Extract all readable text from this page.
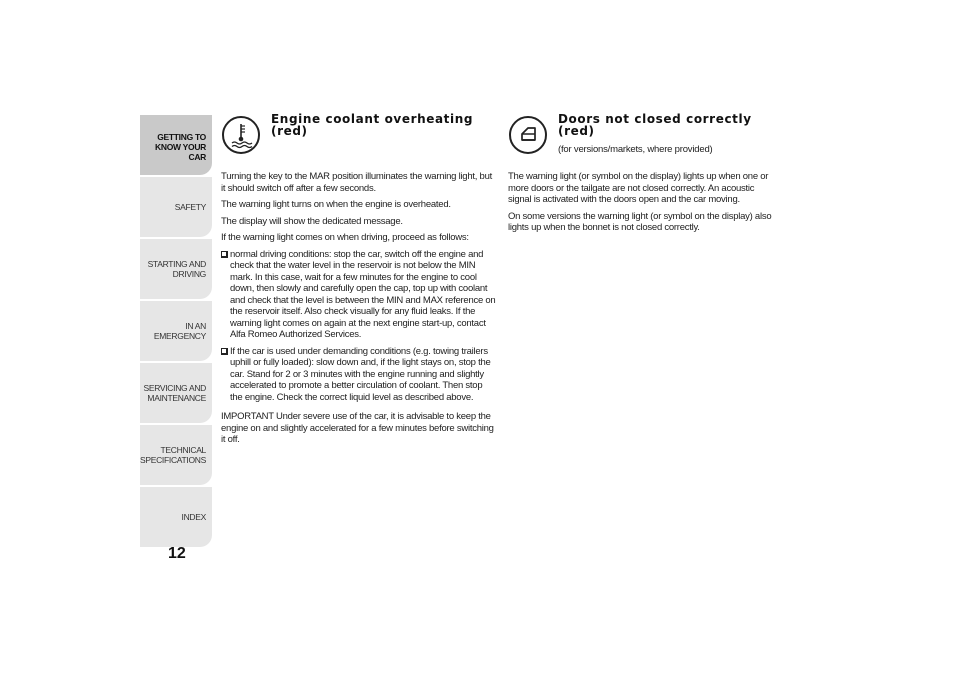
GETTING TO
KNOW YOUR CAR
SAFETY
STARTING AND
DRIVING
IN AN EMERGENCY
SERVICING AND
MAINTENANCE
TECHNICAL
SPECIFICATIONS
INDEX
12
Engine coolant overheating (red)

Turning the key to the MAR position illuminates the warning light, but it should switch off after a few seconds.

The warning light turns on when the engine is overheated.

The display will show the dedicated message.

If the warning light comes on when driving, proceed as follows:

normal driving conditions: stop the car, switch off the engine and check that the water level in the reservoir is not below the MIN mark. In this case, wait for a few minutes for the engine to cool down, then slowly and carefully open the cap, top up with coolant and check that the level is between the MIN and MAX reference on the reservoir itself. Also check visually for any fluid leaks. If the warning light comes on again at the next engine start-up, contact Alfa Romeo Authorized Services.

If the car is used under demanding conditions (e.g. towing trailers uphill or fully loaded): slow down and, if the light stays on, stop the car. Stand for 2 or 3 minutes with the engine running and slightly accelerated to promote a better circulation of coolant. Then stop the engine. Check the correct liquid level as described above.

IMPORTANT Under severe use of the car, it is advisable to keep the engine on and slightly accelerated for a few minutes before switching it off.

Doors not closed correctly (red)
(for versions/markets, where provided)

The warning light (or symbol on the display) lights up when one or more doors or the tailgate are not closed correctly. An acoustic signal is activated with the doors open and the car moving.

On some versions the warning light (or symbol on the display) also lights up when the bonnet is not closed correctly.
